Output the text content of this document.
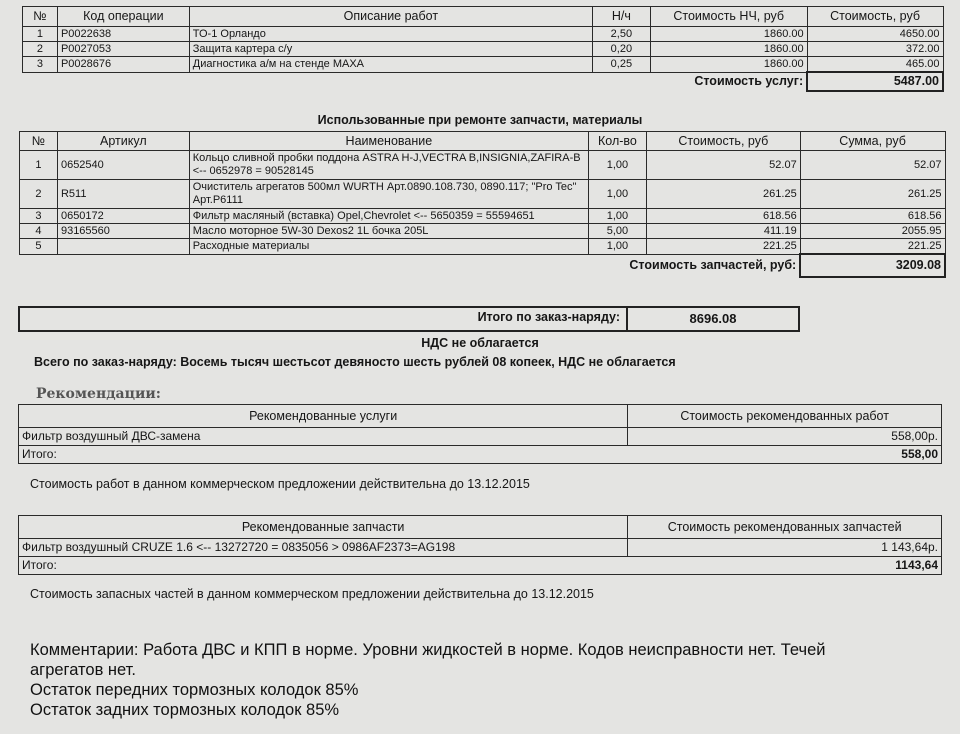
№	Код операции	Описание работ	Н/ч	Стоимость НЧ, руб	Стоимость, руб
1	P0022638	ТО-1 Орландо	2,50	1860.00	4650.00
2	P0027053	Защита картера с/у	0,20	1860.00	372.00
3	P0028676	Диагностика а/м на стенде МАХА	0,25	1860.00	465.00
Стоимость услуг:					5487.00
Использованные при ремонте запчасти, материалы
№	Артикул	Наименование	Кол-во	Стоимость, руб	Сумма, руб
1	0652540	Кольцо сливной пробки поддона ASTRA H-J,VECTRA B,INSIGNIA,ZAFIRA-B <-- 0652978 = 90528145	1,00	52.07	52.07
2	R511	Очиститель агрегатов 500мл WURTH Арт.0890.108.730, 0890.117; "Pro Tec" Арт.P6111	1,00	261.25	261.25
3	0650172	Фильтр масляный (вставка) Opel,Chevrolet <-- 5650359 = 55594651	1,00	618.56	618.56
4	93165560	Масло моторное 5W-30 Dexos2 1L бочка 205L	5,00	411.19	2055.95
5		Расходные материалы	1,00	221.25	221.25
Стоимость запчастей, руб:					3209.08
Итого по заказ-наряду:	8696.08
НДС не облагается
Всего по заказ-наряду: Восемь тысяч шестьсот девяносто шесть рублей 08 копеек, НДС не облагается
Рекомендации:
Рекомендованные услуги	Стоимость рекомендованных работ
Фильтр воздушный ДВС-замена	558,00р.
Итого:	558,00
Стоимость работ в данном коммерческом предложении действительна до 13.12.2015
Рекомендованные запчасти	Стоимость рекомендованных запчастей
Фильтр воздушный CRUZE 1.6 <-- 13272720 = 0835056 > 0986AF2373=AG198	1 143,64р.
Итого:	1143,64
Стоимость запасных частей в данном коммерческом предложении действительна до 13.12.2015
Комментарии: Работа ДВС и КПП в норме. Уровни жидкостей в норме. Кодов неисправности нет. Течей
агрегатов нет.
Остаток передних тормозных колодок 85%
Остаток задних тормозных колодок 85%
